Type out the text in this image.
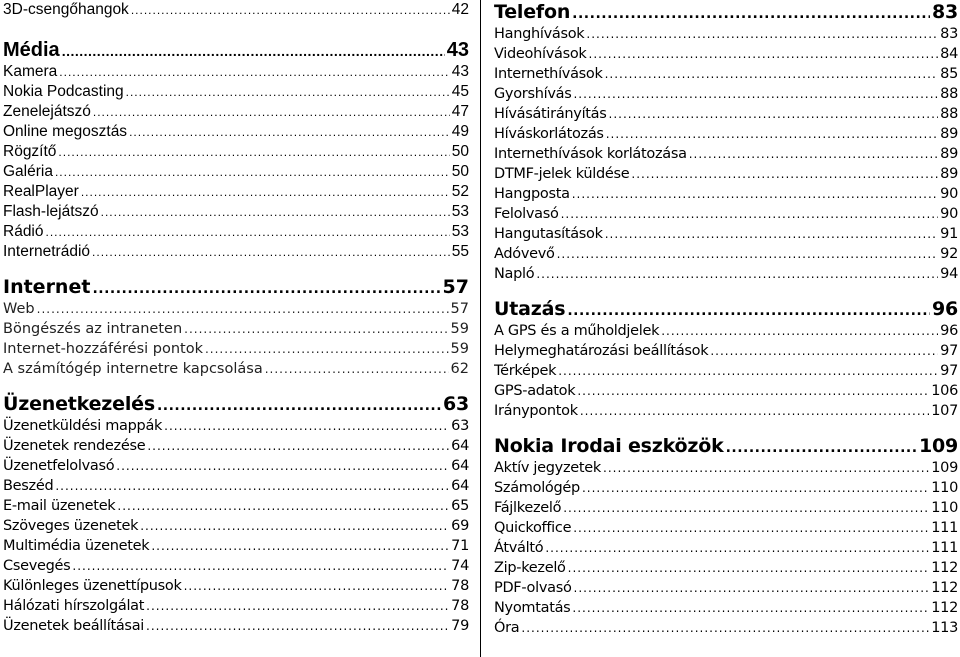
3D-csengőhangok .....	42
Média .....	43
Kamera .....	43
Nokia Podcasting .....	45
Zenelejátszó .....	47
Online megosztás .....	49
Rögzítő .....	50
Galéria .....	50
RealPlayer .....	52
Flash-lejátszó .....	53
Rádió .....	53
Internetrádió .....	55
Internet .....	57
Web .....	57
Böngészés az intraneten .....	59
Internet-hozzáférési pontok .....	59
A számítógép internetre kapcsolása .....	62
Üzenetkezelés .....	63
Üzenetküldési mappák .....	63
Üzenetek rendezése .....	64
Üzenetfelolvasó .....	64
Beszéd .....	64
E-mail üzenetek .....	65
Szöveges üzenetek .....	69
Multimédia üzenetek .....	71
Csevegés .....	74
Különleges üzenettípusok .....	78
Hálózati hírszolgálat .....	78
Üzenetek beállításai .....	79
Telefon .....	83
Hanghívások .....	83
Videohívások .....	84
Internethívások .....	85
Gyorshívás .....	88
Hívásátirányítás .....	88
Híváskorlátozás .....	89
Internethívások korlátozása .....	89
DTMF-jelek küldése .....	89
Hangposta .....	90
Felolvasó .....	90
Hangutasítások .....	91
Adóvevő .....	92
Napló .....	94
Utazás .....	96
A GPS és a műholdjelek .....	96
Helymeghatározási beállítások .....	97
Térképek .....	97
GPS-adatok .....	106
Iránypontok .....	107
Nokia Irodai eszközök .....	109
Aktív jegyzetek .....	109
Számológép .....	110
Fájlkezelő .....	110
Quickoffice .....	111
Átváltó .....	111
Zip-kezelő .....	112
PDF-olvasó .....	112
Nyomtatás .....	112
Óra .....	113
